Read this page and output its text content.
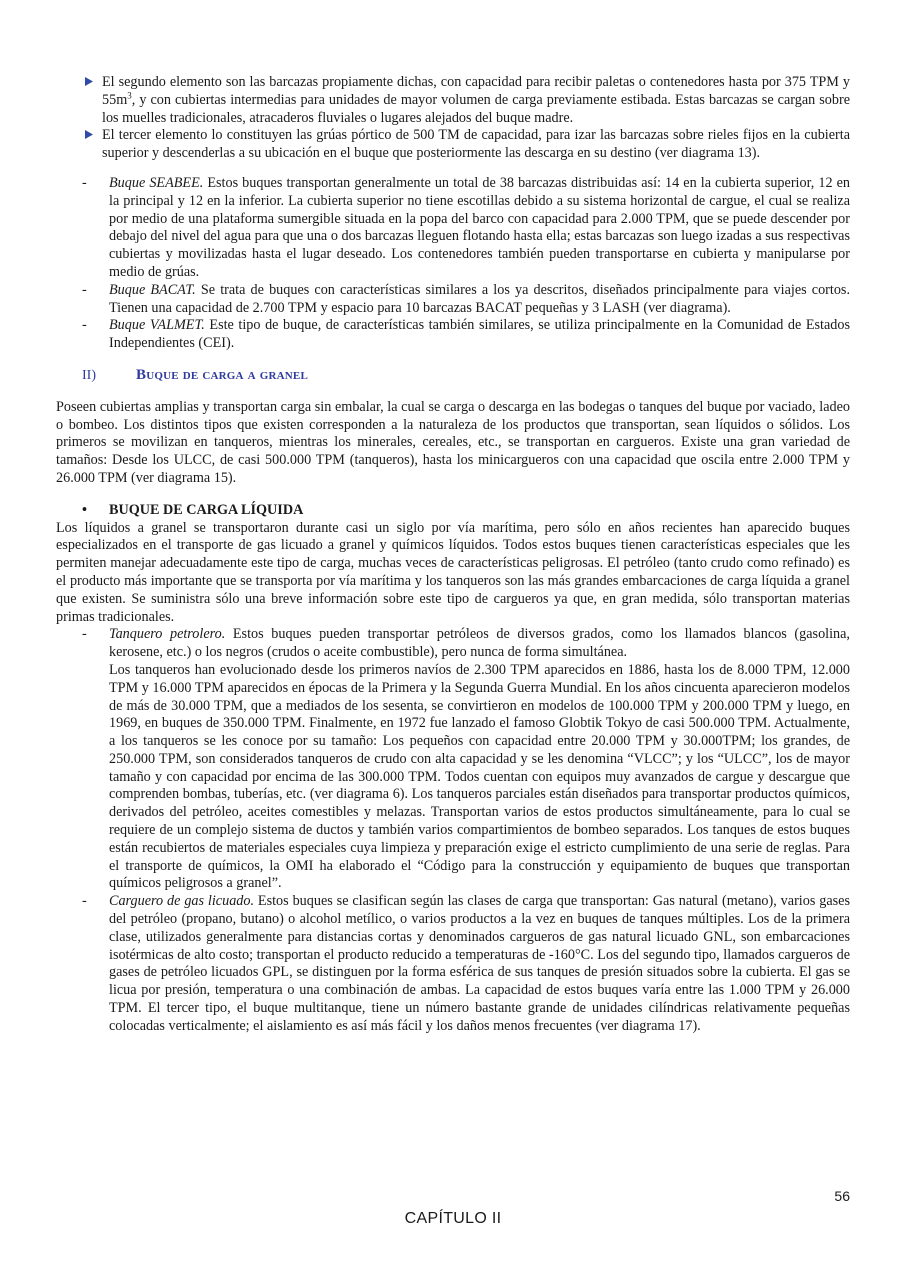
El segundo elemento son las barcazas propiamente dichas, con capacidad para recibir paletas o contenedores hasta por 375 TPM y $55m^3$, y con cubiertas intermedias para unidades de mayor volumen de carga previamente estibada. Estas barcazas se cargan sobre los muelles tradicionales, atracaderos fluviales o lugares alejados del buque madre.
El tercer elemento lo constituyen las grúas pórtico de 500 TM de capacidad, para izar las barcazas sobre rieles fijos en la cubierta superior y descenderlas a su ubicación en el buque que posteriormente las descarga en su destino (ver diagrama 13).
-	Buque SEABEE. Estos buques transportan generalmente un total de 38 barcazas distribuidas así: 14 en la cubierta superior, 12 en la principal y 12 en la inferior. La cubierta superior no tiene escotillas debido a su sistema horizontal de cargue, el cual se realiza por medio de una plataforma sumergible situada en la popa del barco con capacidad para 2.000 TPM, que se puede descender por debajo del nivel del agua para que una o dos barcazas lleguen flotando hasta ella; estas barcazas son luego izadas a sus respectivas cubiertas y movilizadas hasta el lugar deseado. Los contenedores también pueden transportarse en cubierta y manipularse por medio de grúas.
-	Buque BACAT. Se trata de buques con características similares a los ya descritos, diseñados principalmente para viajes cortos. Tienen una capacidad de 2.700 TPM y espacio para 10 barcazas BACAT pequeñas y 3 LASH (ver diagrama).
-	Buque VALMET. Este tipo de buque, de características también similares, se utiliza principalmente en la Comunidad de Estados Independientes (CEI).
II)	Buque de carga a granel

Poseen cubiertas amplias y transportan carga sin embalar, la cual se carga o descarga en las bodegas o tanques del buque por vaciado, ladeo o bombeo. Los distintos tipos que existen corresponden a la naturaleza de los productos que transportan, sean líquidos o sólidos. Los primeros se movilizan en tanqueros, mientras los minerales, cereales, etc., se transportan en cargueros. Existe una gran variedad de tamaños: Desde los ULCC, de casi 500.000 TPM (tanqueros), hasta los minicargueros con una capacidad que oscila entre 2.000 TPM y 26.000 TPM (ver diagrama 15).

•	BUQUE DE CARGA LÍQUIDA

Los líquidos a granel se transportaron durante casi un siglo por vía marítima, pero sólo en años recientes han aparecido buques especializados en el transporte de gas licuado a granel y químicos líquidos. Todos estos buques tienen características especiales que les permiten manejar adecuadamente este tipo de carga, muchas veces de características peligrosas. El petróleo (tanto crudo como refinado) es el producto más importante que se transporta por vía marítima y los tanqueros son las más grandes embarcaciones de carga líquida a granel que existen. Se suministra sólo una breve información sobre este tipo de cargueros ya que, en gran medida, sólo transportan materias primas tradicionales.

-	Tanquero petrolero. Estos buques pueden transportar petróleos de diversos grados, como los llamados blancos (gasolina, kerosene, etc.) o los negros (crudos o aceite combustible), pero nunca de forma simultánea.
Los tanqueros han evolucionado desde los primeros navíos de 2.300 TPM aparecidos en 1886, hasta los de 8.000 TPM, 12.000 TPM y 16.000 TPM aparecidos en épocas de la Primera y la Segunda Guerra Mundial. En los años cincuenta aparecieron modelos de más de 30.000 TPM, que a mediados de los sesenta, se convirtieron en modelos de 100.000 TPM y 200.000 TPM y luego, en 1969, en buques de 350.000 TPM. Finalmente, en 1972 fue lanzado el famoso Globtik Tokyo de casi 500.000 TPM. Actualmente, a los tanqueros se les conoce por su tamaño: Los pequeños con capacidad entre 20.000 TPM y 30.000TPM; los grandes, de 250.000 TPM, son considerados tanqueros de crudo con alta capacidad y se les denomina “VLCC”; y los “ULCC”, los de mayor tamaño y con capacidad por encima de las 300.000 TPM. Todos cuentan con equipos muy avanzados de cargue y descargue que comprenden bombas, tuberías, etc. (ver diagrama 6). Los tanqueros parciales están diseñados para transportar productos químicos, derivados del petróleo, aceites comestibles y melazas. Transportan varios de estos productos simultáneamente, para lo cual se requiere de un complejo sistema de ductos y también varios compartimientos de bombeo separados. Los tanques de estos buques están recubiertos de materiales especiales cuya limpieza y preparación exige el estricto cumplimiento de una serie de reglas. Para el transporte de químicos, la OMI ha elaborado el “Código para la construcción y equipamiento de buques que transportan químicos peligrosos a granel”.
-	Carguero de gas licuado. Estos buques se clasifican según las clases de carga que transportan: Gas natural (metano), varios gases del petróleo (propano, butano) o alcohol metílico, o varios productos a la vez en buques de tanques múltiples. Los de la primera clase, utilizados generalmente para distancias cortas y denominados cargueros de gas natural licuado GNL, son embarcaciones isotérmicas de alto costo; transportan el producto reducido a temperaturas de -160°C. Los del segundo tipo, llamados cargueros de gases de petróleo licuados GPL, se distinguen por la forma esférica de sus tanques de presión situados sobre la cubierta. El gas se licua por presión, temperatura o una combinación de ambas. La capacidad de estos buques varía entre las 1.000 TPM y 26.000 TPM. El tercer tipo, el buque multitanque, tiene un número bastante grande de unidades cilíndricas relativamente pequeñas colocadas verticalmente; el aislamiento es así más fácil y los daños menos frecuentes (ver diagrama 17).
56
CAPÍTULO II
